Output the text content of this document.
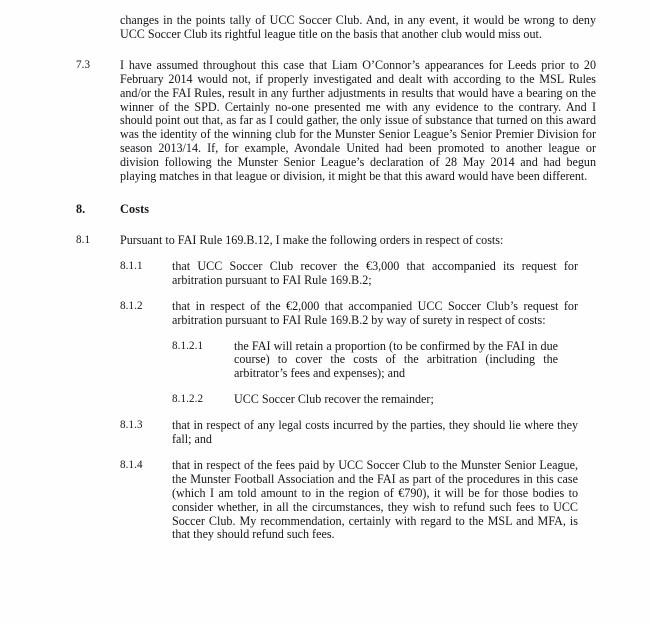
changes in the points tally of UCC Soccer Club. And, in any event, it would be wrong to deny UCC Soccer Club its rightful league title on the basis that another club would miss out.
7.3	I have assumed throughout this case that Liam O’Connor’s appearances for Leeds prior to 20 February 2014 would not, if properly investigated and dealt with according to the MSL Rules and/or the FAI Rules, result in any further adjustments in results that would have a bearing on the winner of the SPD. Certainly no-one presented me with any evidence to the contrary. And I should point out that, as far as I could gather, the only issue of substance that turned on this award was the identity of the winning club for the Munster Senior League’s Senior Premier Division for season 2013/14. If, for example, Avondale United had been promoted to another league or division following the Munster Senior League’s declaration of 28 May 2014 and had begun playing matches in that league or division, it might be that this award would have been different.
8.	Costs
8.1	Pursuant to FAI Rule 169.B.12, I make the following orders in respect of costs:
8.1.1	that UCC Soccer Club recover the €3,000 that accompanied its request for arbitration pursuant to FAI Rule 169.B.2;
8.1.2	that in respect of the €2,000 that accompanied UCC Soccer Club’s request for arbitration pursuant to FAI Rule 169.B.2 by way of surety in respect of costs:
8.1.2.1	the FAI will retain a proportion (to be confirmed by the FAI in due course) to cover the costs of the arbitration (including the arbitrator’s fees and expenses); and
8.1.2.2	UCC Soccer Club recover the remainder;
8.1.3	that in respect of any legal costs incurred by the parties, they should lie where they fall; and
8.1.4	that in respect of the fees paid by UCC Soccer Club to the Munster Senior League, the Munster Football Association and the FAI as part of the procedures in this case (which I am told amount to in the region of €790), it will be for those bodies to consider whether, in all the circumstances, they wish to refund such fees to UCC Soccer Club. My recommendation, certainly with regard to the MSL and MFA, is that they should refund such fees.
